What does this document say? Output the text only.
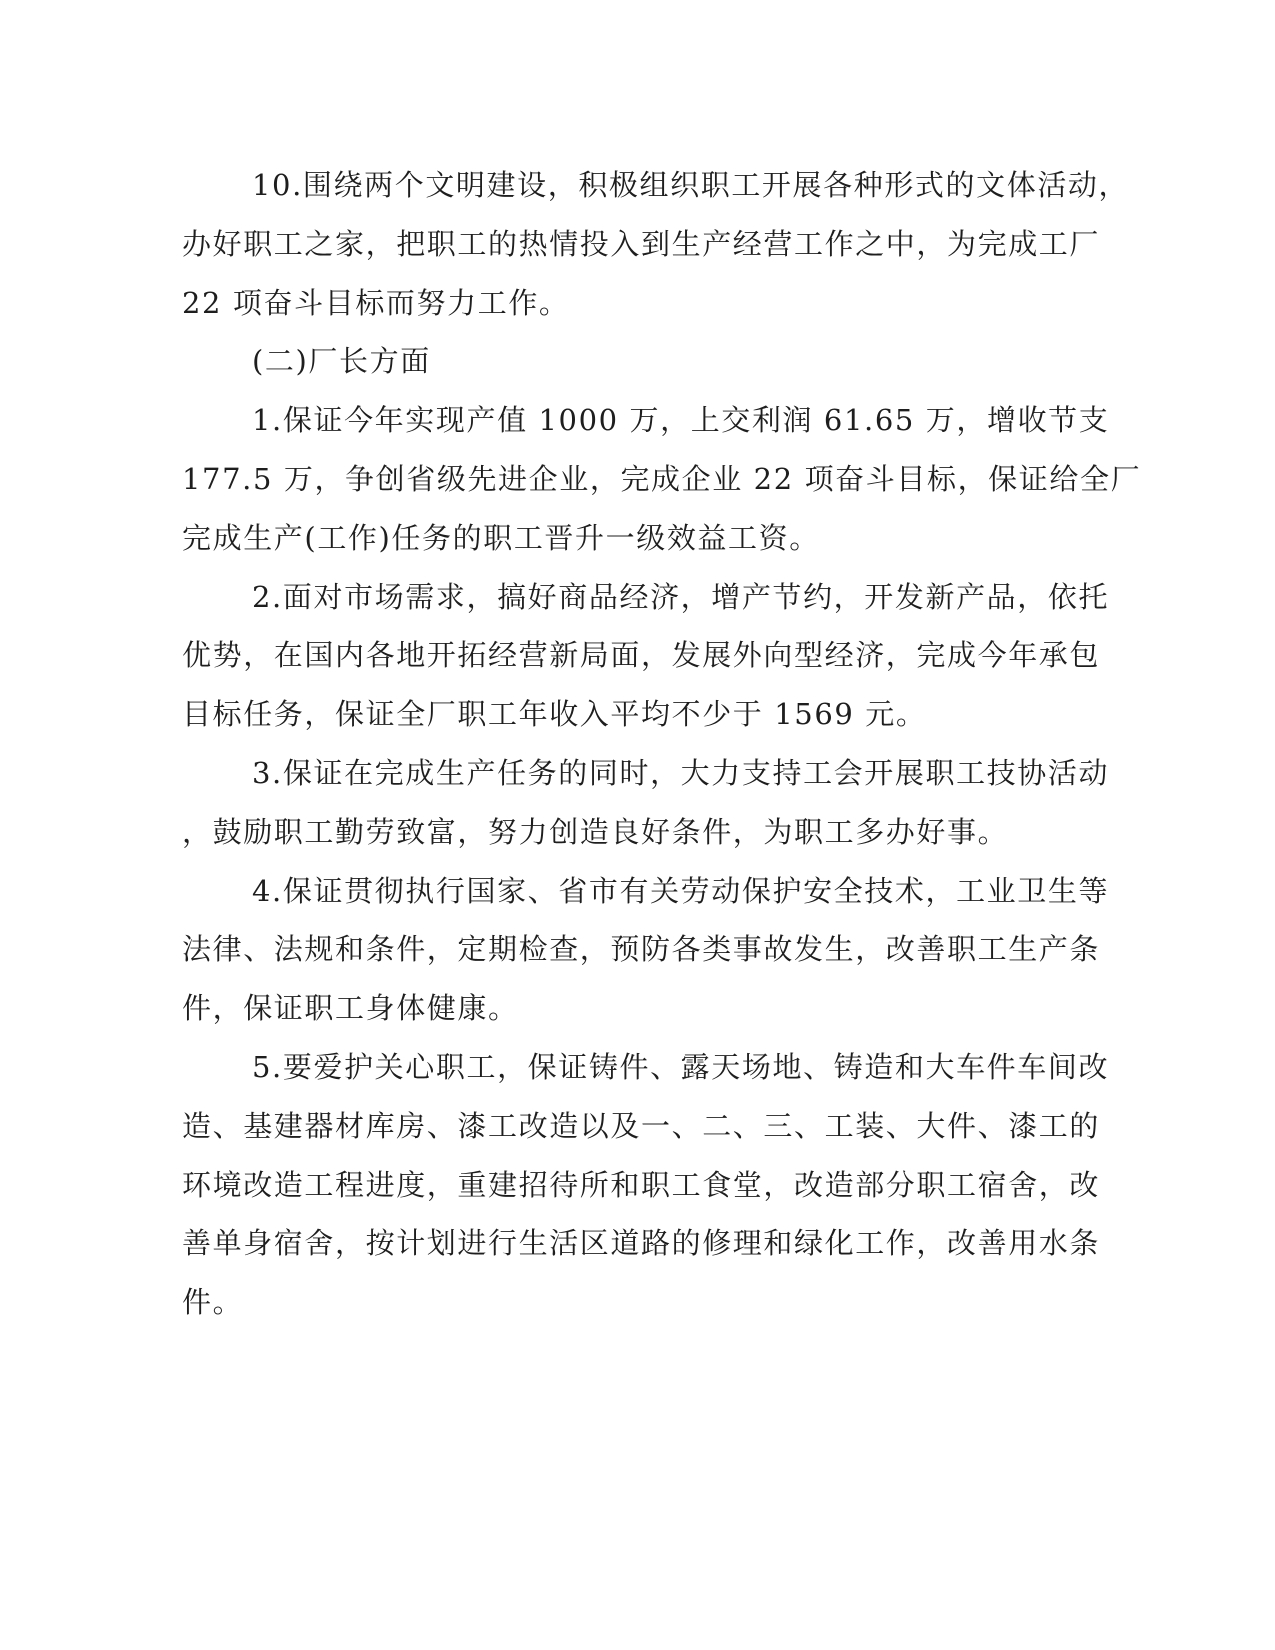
10.围绕两个文明建设，积极组织职工开展各种形式的文体活动，
办好职工之家，把职工的热情投入到生产经营工作之中，为完成工厂
22 项奋斗目标而努力工作。
(二)厂长方面
1.保证今年实现产值 1000 万，上交利润 61.65 万，增收节支
177.5 万，争创省级先进企业，完成企业 22 项奋斗目标，保证给全厂
完成生产(工作)任务的职工晋升一级效益工资。
2.面对市场需求，搞好商品经济，增产节约，开发新产品，依托
优势，在国内各地开拓经营新局面，发展外向型经济，完成今年承包
目标任务，保证全厂职工年收入平均不少于 1569 元。
3.保证在完成生产任务的同时，大力支持工会开展职工技协活动
，鼓励职工勤劳致富，努力创造良好条件，为职工多办好事。
4.保证贯彻执行国家、省市有关劳动保护安全技术，工业卫生等
法律、法规和条件，定期检查，预防各类事故发生，改善职工生产条
件，保证职工身体健康。
5.要爱护关心职工，保证铸件、露天场地、铸造和大车件车间改
造、基建器材库房、漆工改造以及一、二、三、工装、大件、漆工的
环境改造工程进度，重建招待所和职工食堂，改造部分职工宿舍，改
善单身宿舍，按计划进行生活区道路的修理和绿化工作，改善用水条
件。
